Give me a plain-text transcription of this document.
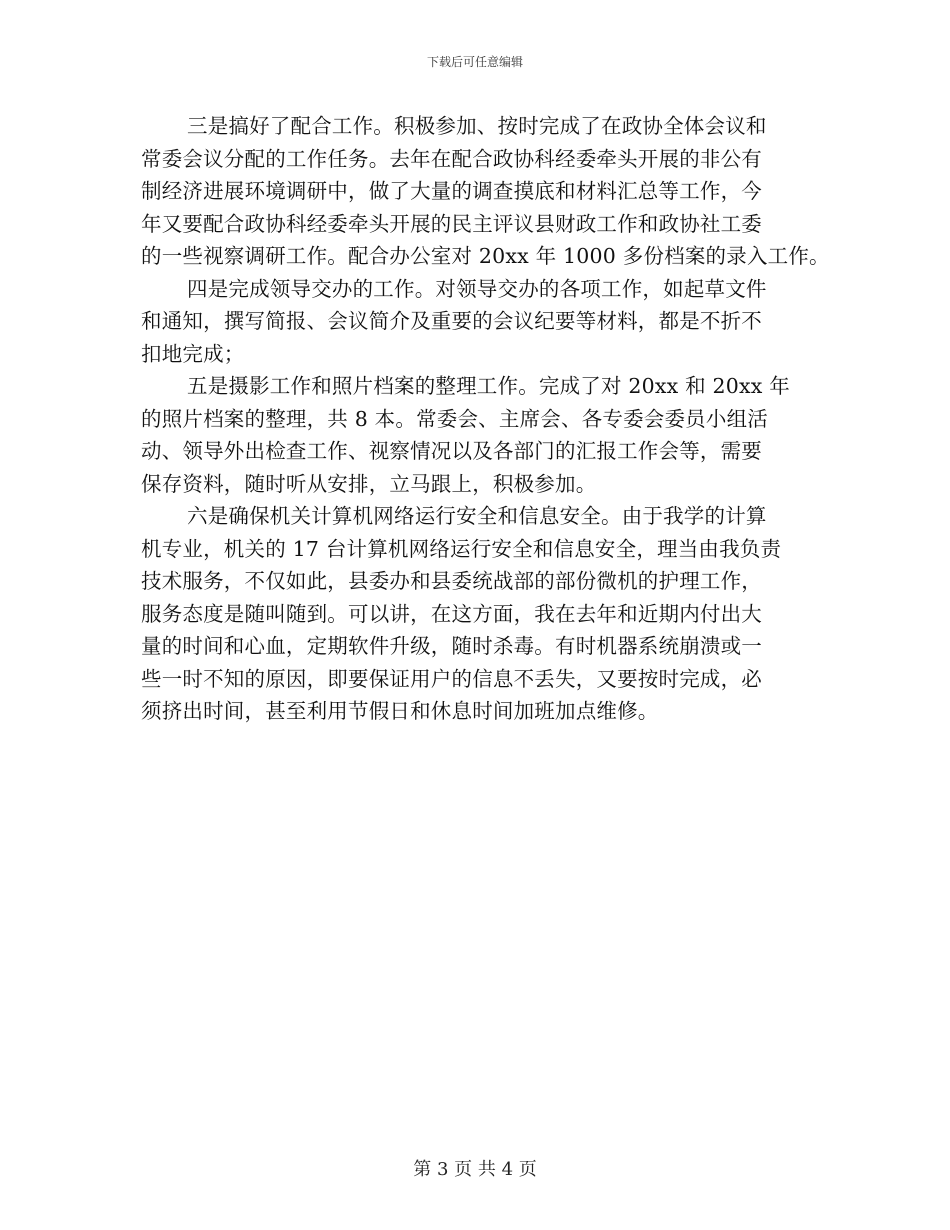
下载后可任意编辑
三是搞好了配合工作。积极参加、按时完成了在政协全体会议和
常委会议分配的工作任务。去年在配合政协科经委牵头开展的非公有
制经济进展环境调研中，做了大量的调查摸底和材料汇总等工作，今
年又要配合政协科经委牵头开展的民主评议县财政工作和政协社工委
的一些视察调研工作。配合办公室对 20xx 年 1000 多份档案的录入工作。
四是完成领导交办的工作。对领导交办的各项工作，如起草文件
和通知，撰写简报、会议简介及重要的会议纪要等材料，都是不折不
扣地完成；
五是摄影工作和照片档案的整理工作。完成了对 20xx 和 20xx 年
的照片档案的整理，共 8 本。常委会、主席会、各专委会委员小组活
动、领导外出检查工作、视察情况以及各部门的汇报工作会等，需要
保存资料，随时听从安排，立马跟上，积极参加。
六是确保机关计算机网络运行安全和信息安全。由于我学的计算
机专业，机关的 17 台计算机网络运行安全和信息安全，理当由我负责
技术服务，不仅如此，县委办和县委统战部的部份微机的护理工作，
服务态度是随叫随到。可以讲，在这方面，我在去年和近期内付出大
量的时间和心血，定期软件升级，随时杀毒。有时机器系统崩溃或一
些一时不知的原因，即要保证用户的信息不丢失，又要按时完成，必
须挤出时间，甚至利用节假日和休息时间加班加点维修。
第 3 页 共 4 页
